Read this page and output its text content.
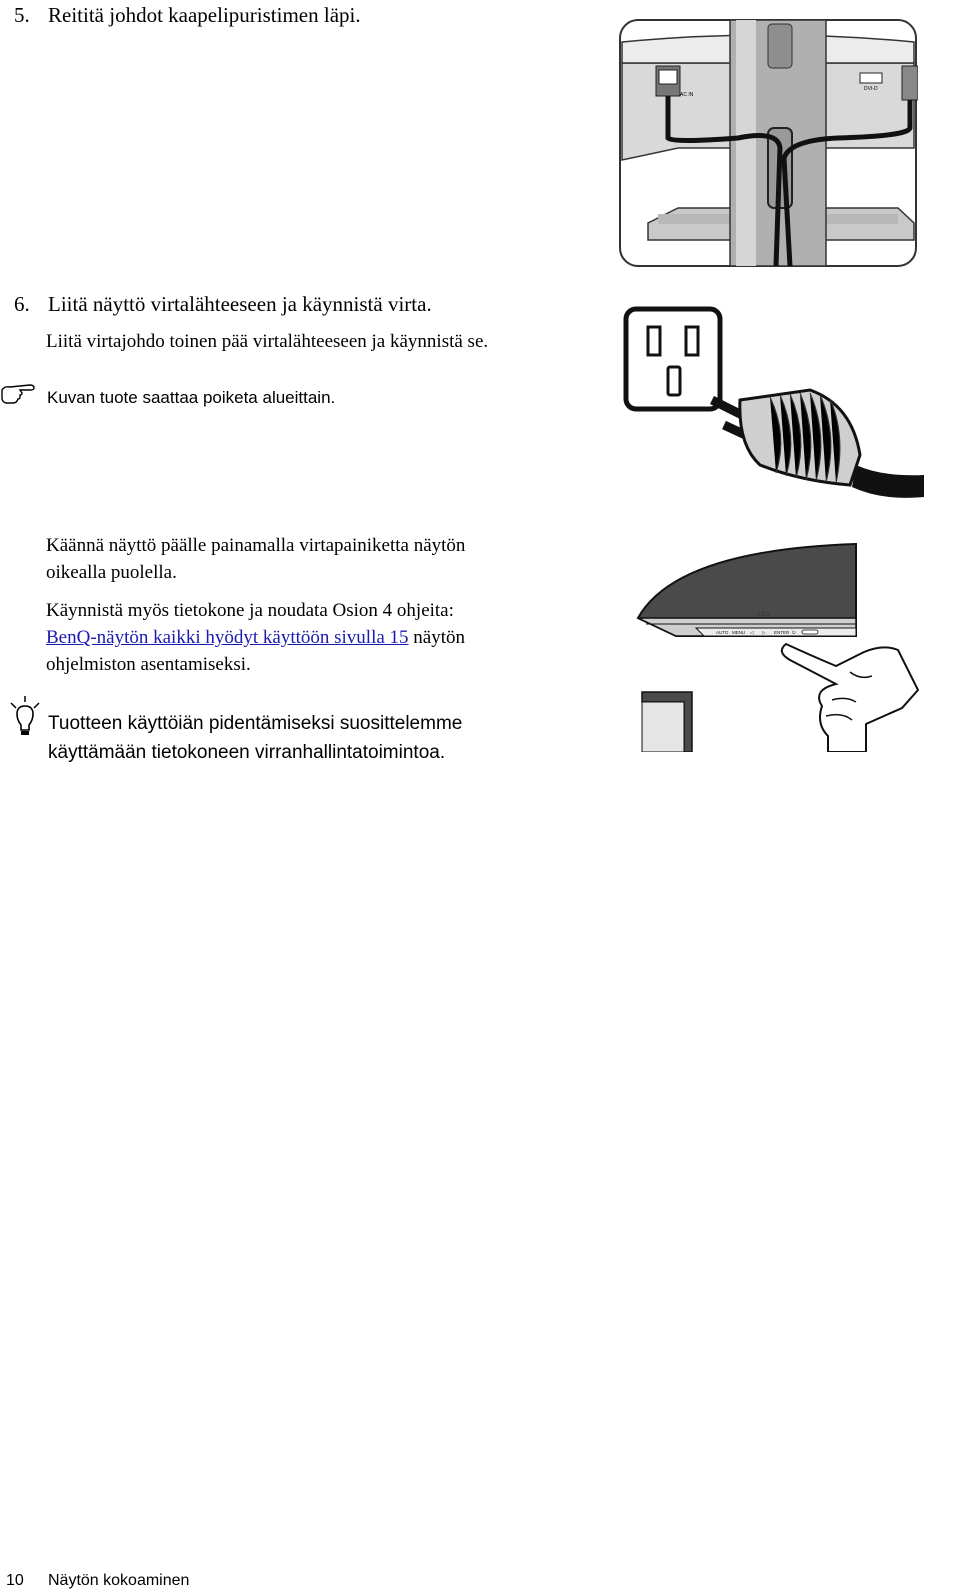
5. Reititä johdot kaapelipuristimen läpi.
AC IN
DVI-D
6. Liitä näyttö virtalähteeseen ja käynnistä virta.
Liitä virtajohdo toinen pää virtalähteeseen ja käynnistä se.
Kuvan tuote saattaa poiketa alueittain.
Käännä näyttö päälle painamalla virtapainiketta näytön
oikealla puolella.
Käynnistä myös tietokone ja noudata Osion 4 ohjeita:
BenQ-näytön kaikki hyödyt käyttöön sivulla 15 näytön
ohjelmiston asentamiseksi.
LED
AUTO MENU ◁ ▷ ENTER ⏻
Tuotteen käyttöiän pidentämiseksi suosittelemme
käyttämään tietokoneen virranhallintatoimintoa.
10 Näytön kokoaminen
